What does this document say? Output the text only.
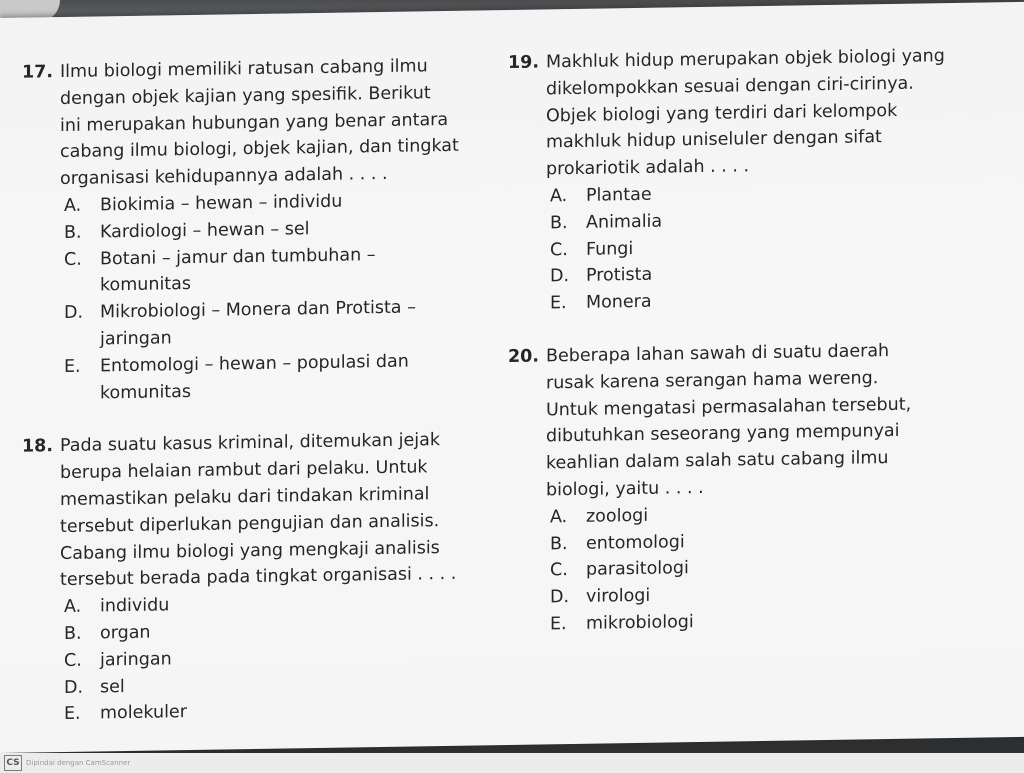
17. Ilmu biologi memiliki ratusan cabang ilmu
dengan objek kajian yang spesifik. Berikut
ini merupakan hubungan yang benar antara
cabang ilmu biologi, objek kajian, dan tingkat
organisasi kehidupannya adalah . . . .
A.	Biokimia – hewan – individu
B.	Kardiologi – hewan – sel
C.	Botani – jamur dan tumbuhan –
komunitas
D. Mikrobiologi – Monera dan Protista –
jaringan
E.	Entomologi – hewan – populasi dan
komunitas
18. Pada suatu kasus kriminal, ditemukan jejak
berupa helaian rambut dari pelaku. Untuk
memastikan pelaku dari tindakan kriminal
tersebut diperlukan pengujian dan analisis.
Cabang ilmu biologi yang mengkaji analisis
tersebut berada pada tingkat organisasi . . . .
A.	individu
B.	organ
C.	jaringan
D. sel
E.	molekuler
19. Makhluk hidup merupakan objek biologi yang
dikelompokkan sesuai dengan ciri-cirinya.
Objek biologi yang terdiri dari kelompok
makhluk hidup uniseluler dengan sifat
prokariotik adalah . . . .
A.	Plantae
B.	Animalia
C.	Fungi
D. Protista
E.	Monera
20. Beberapa lahan sawah di suatu daerah
rusak karena serangan hama wereng.
Untuk mengatasi permasalahan tersebut,
dibutuhkan seseorang yang mempunyai
keahlian dalam salah satu cabang ilmu
biologi, yaitu . . . .
A.	zoologi
B.	entomologi
C.	parasitologi
D. virologi
E.	mikrobiologi
CS Dipindai dengan CamScanner
